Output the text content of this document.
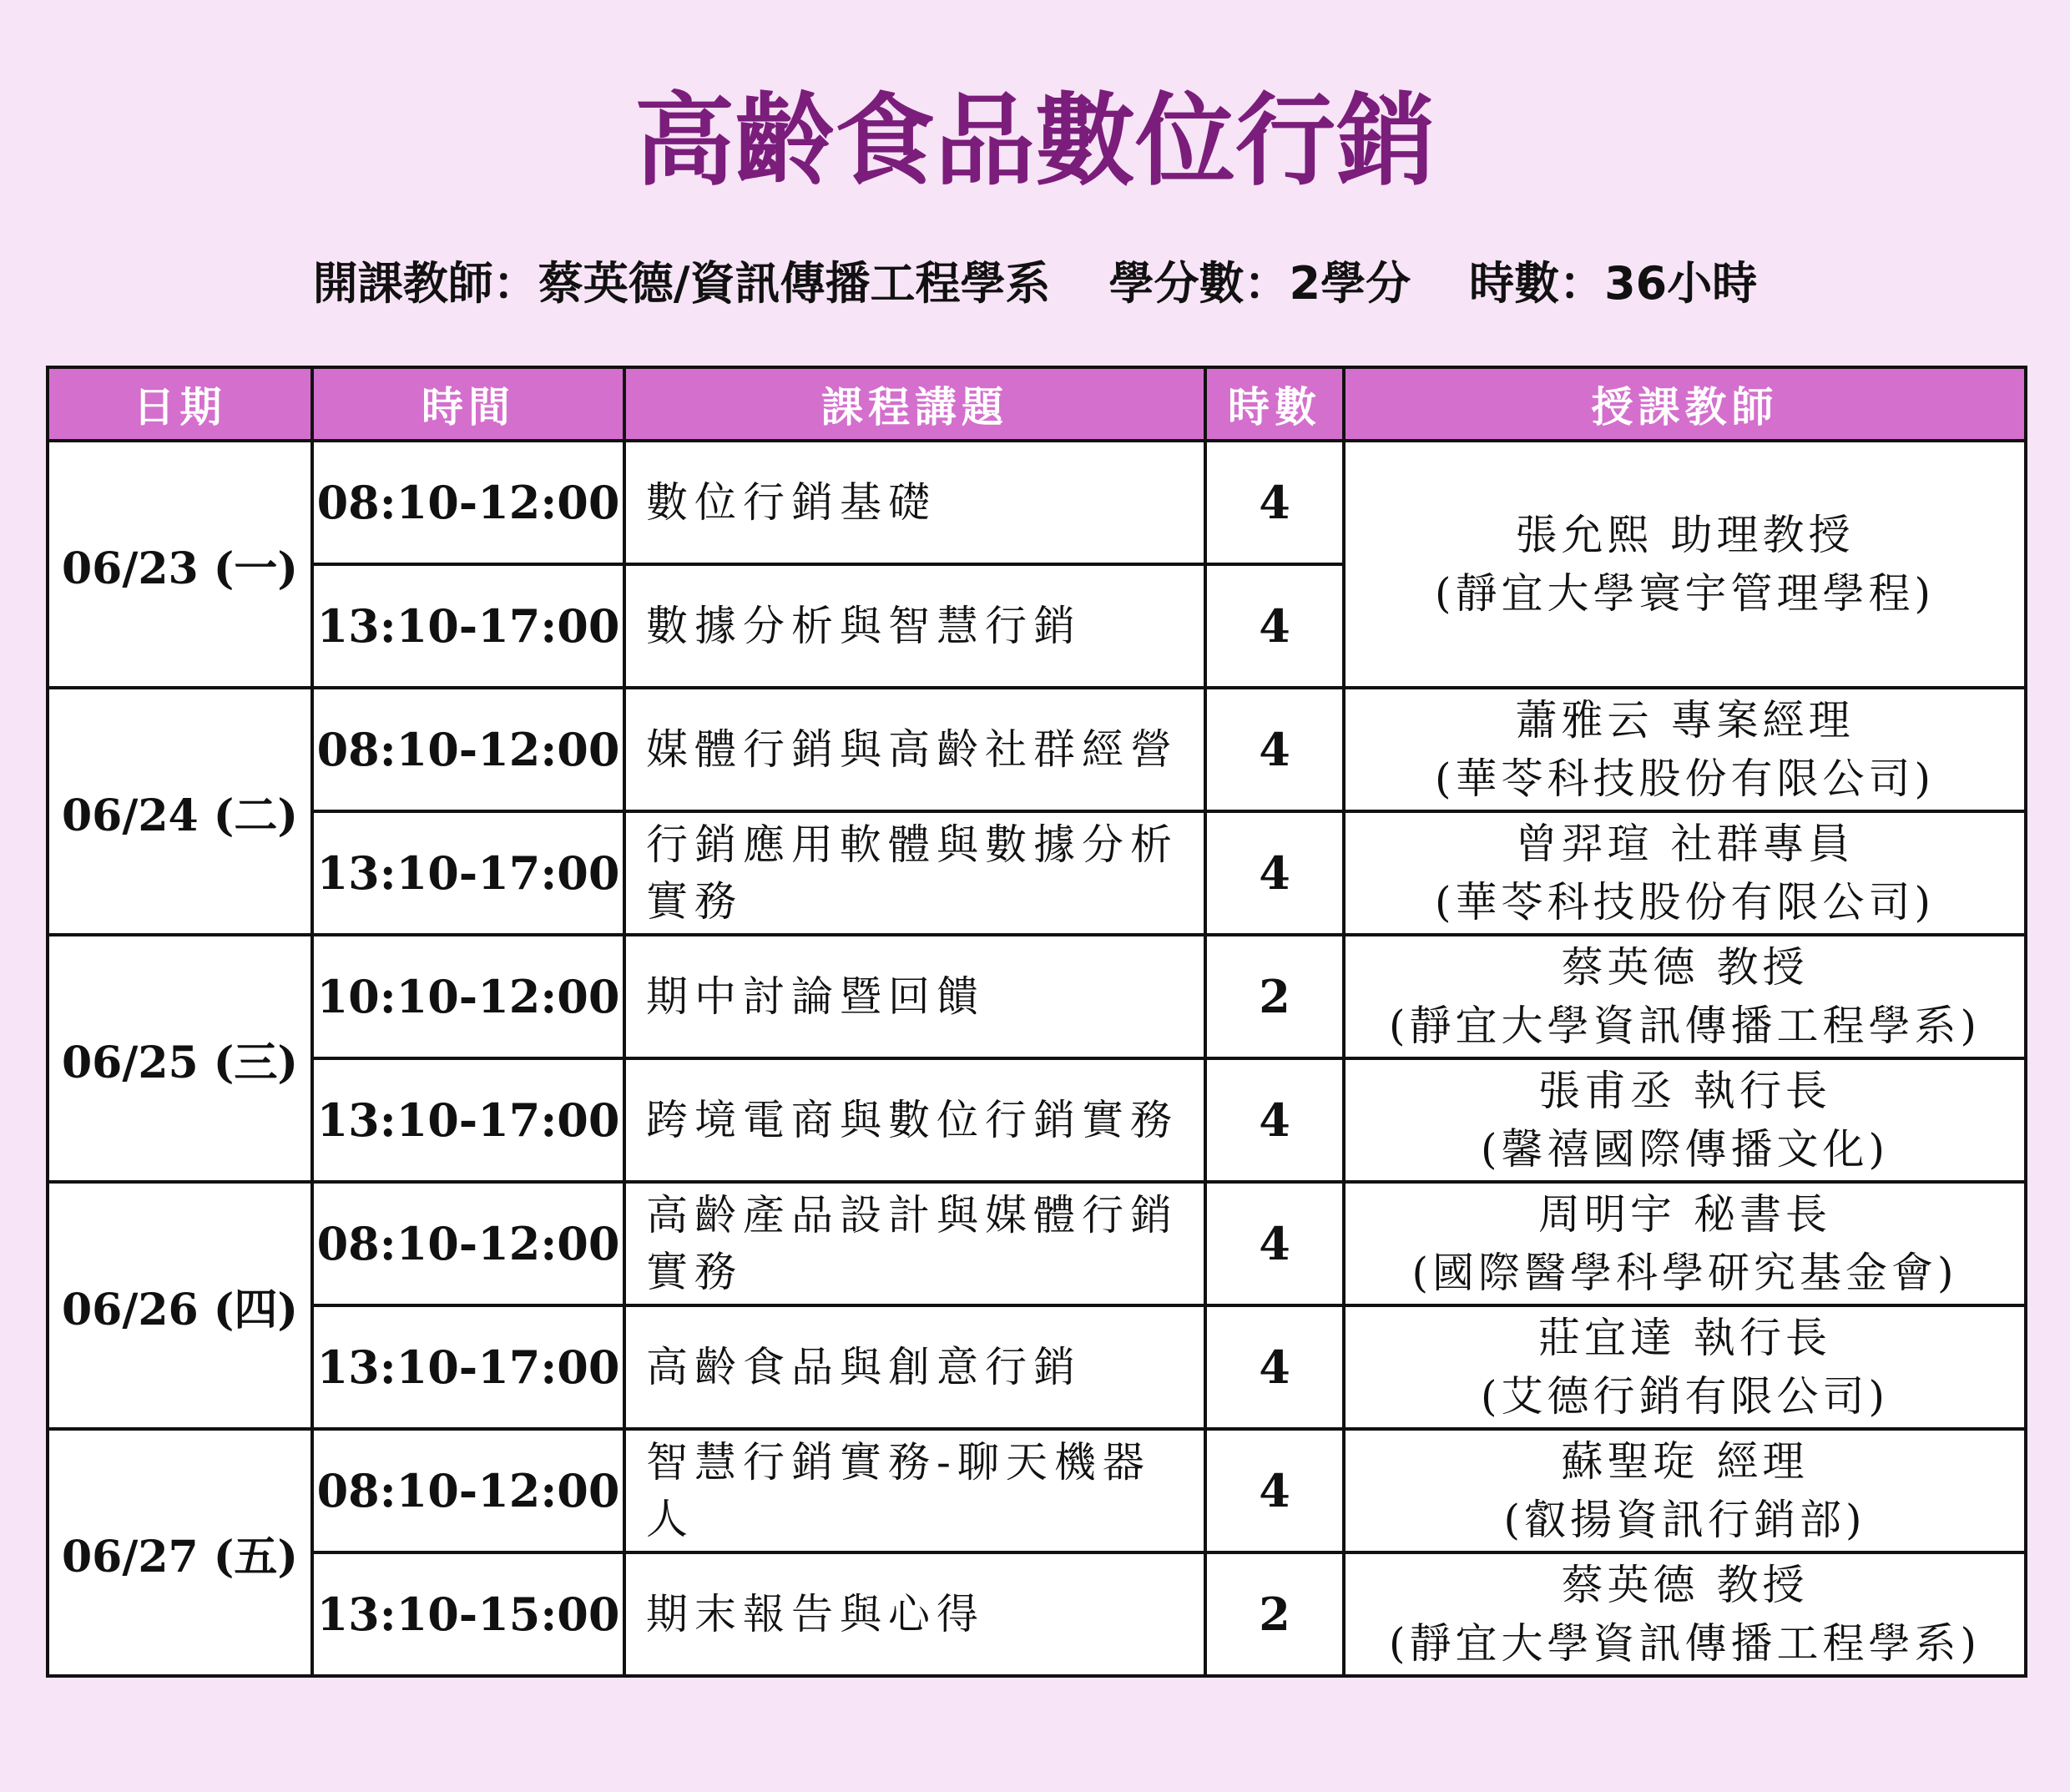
高齡食品數位行銷
開課教師：蔡英德/資訊傳播工程學系 學分數：2學分 時數：36小時
日期	時間	課程講題	時數	授課教師
06/23 (一)	08:10-12:00	數位行銷基礎	4	張允熙 助理教授
(靜宜大學寰宇管理學程)

	13:10-17:00	數據分析與智慧行銷	4	
06/24 (二)	08:10-12:00	媒體行銷與高齡社群經營	4	蕭雅云 專案經理
(華苓科技股份有限公司)

	13:10-17:00	行銷應用軟體與數據分析實務	4	曾羿瑄 社群專員
(華苓科技股份有限公司)

06/25 (三)	10:10-12:00	期中討論暨回饋	2	蔡英德 教授
(靜宜大學資訊傳播工程學系)

	13:10-17:00	跨境電商與數位行銷實務	4	張甫丞 執行長
(馨禧國際傳播文化)

06/26 (四)	08:10-12:00	高齡產品設計與媒體行銷實務	4	周明宇 秘書長
(國際醫學科學研究基金會)

	13:10-17:00	高齡食品與創意行銷	4	莊宜達 執行長
(艾德行銷有限公司)

06/27 (五)	08:10-12:00	智慧行銷實務-聊天機器人	4	蘇聖琁 經理
(叡揚資訊行銷部)

	13:10-15:00	期末報告與心得	2	蔡英德 教授
(靜宜大學資訊傳播工程學系)
